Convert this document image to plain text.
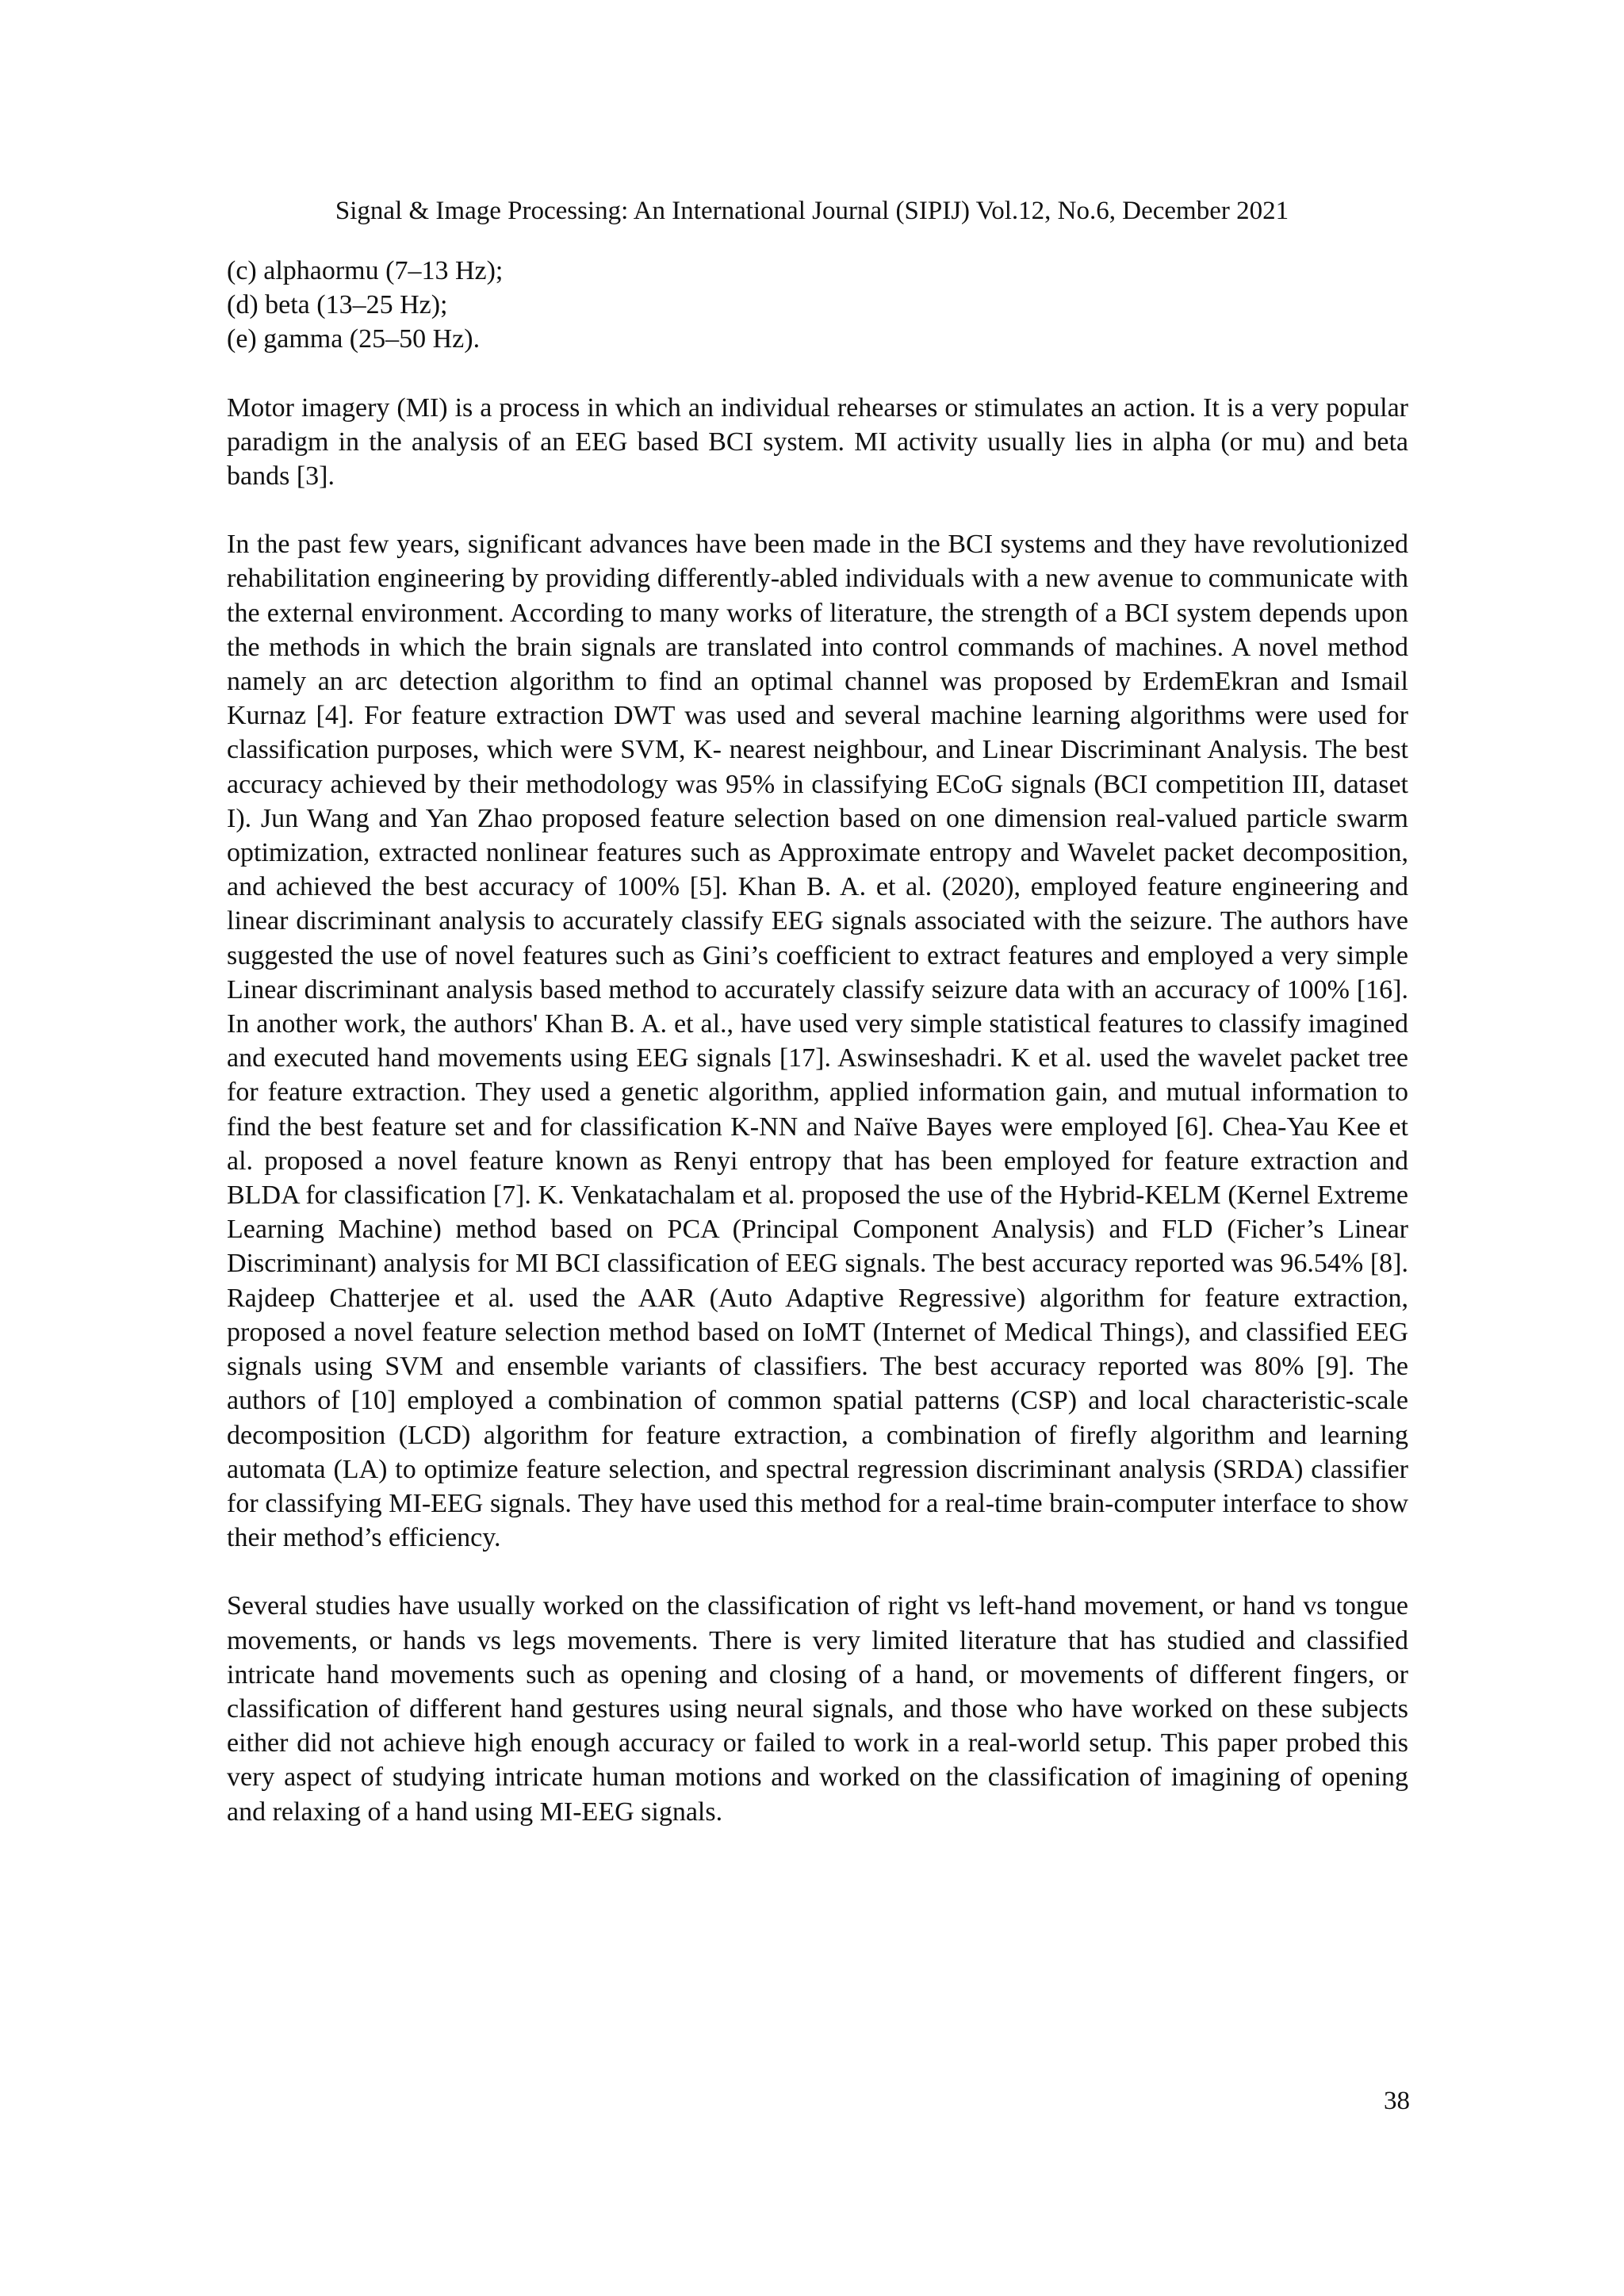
Signal & Image Processing: An International Journal (SIPIJ) Vol.12, No.6, December 2021
(c) alphaormu (7–13 Hz);
(d) beta (13–25 Hz);
(e) gamma (25–50 Hz).

Motor imagery (MI) is a process in which an individual rehearses or stimulates an action. It is a very popular paradigm in the analysis of an EEG based BCI system. MI activity usually lies in alpha (or mu) and beta bands [3].

In the past few years, significant advances have been made in the BCI systems and they have revolutionized rehabilitation engineering by providing differently-abled individuals with a new avenue to communicate with the external environment. According to many works of literature, the strength of a BCI system depends upon the methods in which the brain signals are translated into control commands of machines. A novel method namely an arc detection algorithm to find an optimal channel was proposed by ErdemEkran and Ismail Kurnaz [4]. For feature extraction DWT was used and several machine learning algorithms were used for classification purposes, which were SVM, K- nearest neighbour, and Linear Discriminant Analysis. The best accuracy achieved by their methodology was 95% in classifying ECoG signals (BCI competition III, dataset I). Jun Wang and Yan Zhao proposed feature selection based on one dimension real-valued particle swarm optimization, extracted nonlinear features such as Approximate entropy and Wavelet packet decomposition, and achieved the best accuracy of 100% [5]. Khan B. A. et al. (2020), employed feature engineering and linear discriminant analysis to accurately classify EEG signals associated with the seizure. The authors have suggested the use of novel features such as Gini’s coefficient to extract features and employed a very simple Linear discriminant analysis based method to accurately classify seizure data with an accuracy of 100% [16]. In another work, the authors' Khan B. A. et al., have used very simple statistical features to classify imagined and executed hand movements using EEG signals [17]. Aswinseshadri. K et al. used the wavelet packet tree for feature extraction. They used a genetic algorithm, applied information gain, and mutual information to find the best feature set and for classification K-NN and Naïve Bayes were employed [6]. Chea-Yau Kee et al. proposed a novel feature known as Renyi entropy that has been employed for feature extraction and BLDA for classification [7]. K. Venkatachalam et al. proposed the use of the Hybrid-KELM (Kernel Extreme Learning Machine) method based on PCA (Principal Component Analysis) and FLD (Ficher’s Linear Discriminant) analysis for MI BCI classification of EEG signals. The best accuracy reported was 96.54% [8]. Rajdeep Chatterjee et al. used the AAR (Auto Adaptive Regressive) algorithm for feature extraction, proposed a novel feature selection method based on IoMT (Internet of Medical Things), and classified EEG signals using SVM and ensemble variants of classifiers. The best accuracy reported was 80% [9]. The authors of [10] employed a combination of common spatial patterns (CSP) and local characteristic-scale decomposition (LCD) algorithm for feature extraction, a combination of firefly algorithm and learning automata (LA) to optimize feature selection, and spectral regression discriminant analysis (SRDA) classifier for classifying MI-EEG signals. They have used this method for a real-time brain-computer interface to show their method’s efficiency.

Several studies have usually worked on the classification of right vs left-hand movement, or hand vs tongue movements, or hands vs legs movements. There is very limited literature that has studied and classified intricate hand movements such as opening and closing of a hand, or movements of different fingers, or classification of different hand gestures using neural signals, and those who have worked on these subjects either did not achieve high enough accuracy or failed to work in a real-world setup. This paper probed this very aspect of studying intricate human motions and worked on the classification of imagining of opening and relaxing of a hand using MI-EEG signals.

38
